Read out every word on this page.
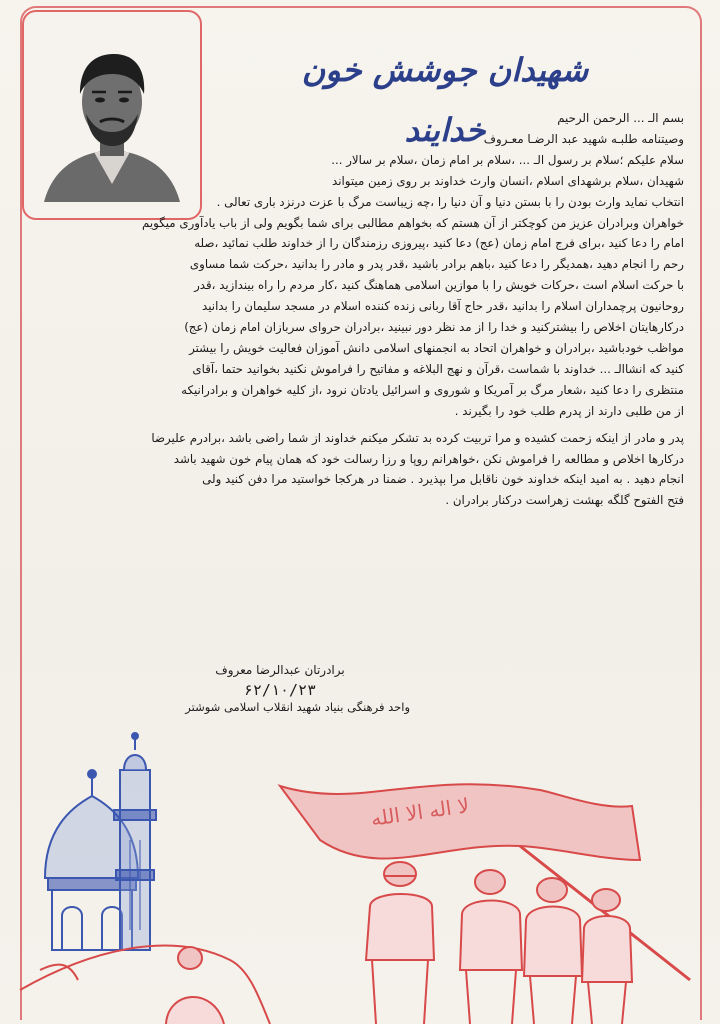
شهیدان جوشش خون خدایند	بسم الـ ... الرحمن الرحیم
وصیتنامه طلبـه شهید عبد الرضـا معـروف
سلام علیکم ؛سلام بر رسول الـ ... ،سلام بر امام زمان ،سلام بر سالار ...
شهیدان ،سلام برشهدای اسلام ،انسان وارث خداوند بر روی زمین میتواند
انتخاب نماید وارث بودن را با بستن دنیا و آن دنیا را ،چه زیباست مرگ با عزت درنزد باری تعالی .
خواهران وبرادران عزیز من کوچکتر از آن هستم که بخواهم مطالبی برای شما بگویم ولی از باب یادآوری میگویم
امام را دعا کنید ،برای فرج امام زمان (عج) دعا کنید ،پیروزی رزمندگان را از خداوند طلب نمائید ،صله
رحم را انجام دهید ،همدیگر را دعا کنید ،باهم برادر باشید ،قدر پدر و مادر را بدانید ،حرکت شما مساوی
با حرکت اسلام است ،حرکات خویش را با موازین اسلامی هماهنگ کنید ،کار مردم را راه بیندازید ،قدر
روحانیون پرچمداران اسلام را بدانید ،قدر حاج آقا ربانی زنده کننده اسلام در مسجد سلیمان را بدانید
درکارهایتان اخلاص را بیشترکنید و خدا را از مد نظر دور نبینید ،برادران حروای سربازان امام زمان (عج)
مواظب خودباشید ،برادران و خواهران اتحاد به انجمنهای اسلامی دانش آموزان فعالیت خویش را بیشتر
کنید که انشاالـ ... خداوند با شماست ،قرآن و نهج البلاغه و مفاتیح را فراموش نکنید بخوانید حتما ،آقای
منتظری را دعا کنید ،شعار مرگ بر آمریکا و شوروی و اسرائیل یادتان نرود ،از کلیه خواهران و برادرانیکه
از من طلبی دارند از پدرم طلب خود را بگیرند .
پدر و مادر از اینکه زحمت کشیده و مرا تربیت کرده بد تشکر میکنم خداوند از شما راضی باشد ،برادرم علیرضا
درکارها اخلاص و مطالعه را فراموش نکن ،خواهرانم روپا و رزا رسالت خود که همان پیام خون شهید باشد
انجام دهید . به امید اینکه خداوند خون ناقابل مرا بپذیرد . ضمنا در هرکجا خواستید مرا دفن کنید ولی
فتح الفتوح گلگه بهشت زهراست درکنار برادران .
برادرتان عبدالرضا معروف
۶۲/۱۰/۲۳
واحد فرهنگی بنیاد شهید انقلاب اسلامی شوشتر
لا اله الا الله
